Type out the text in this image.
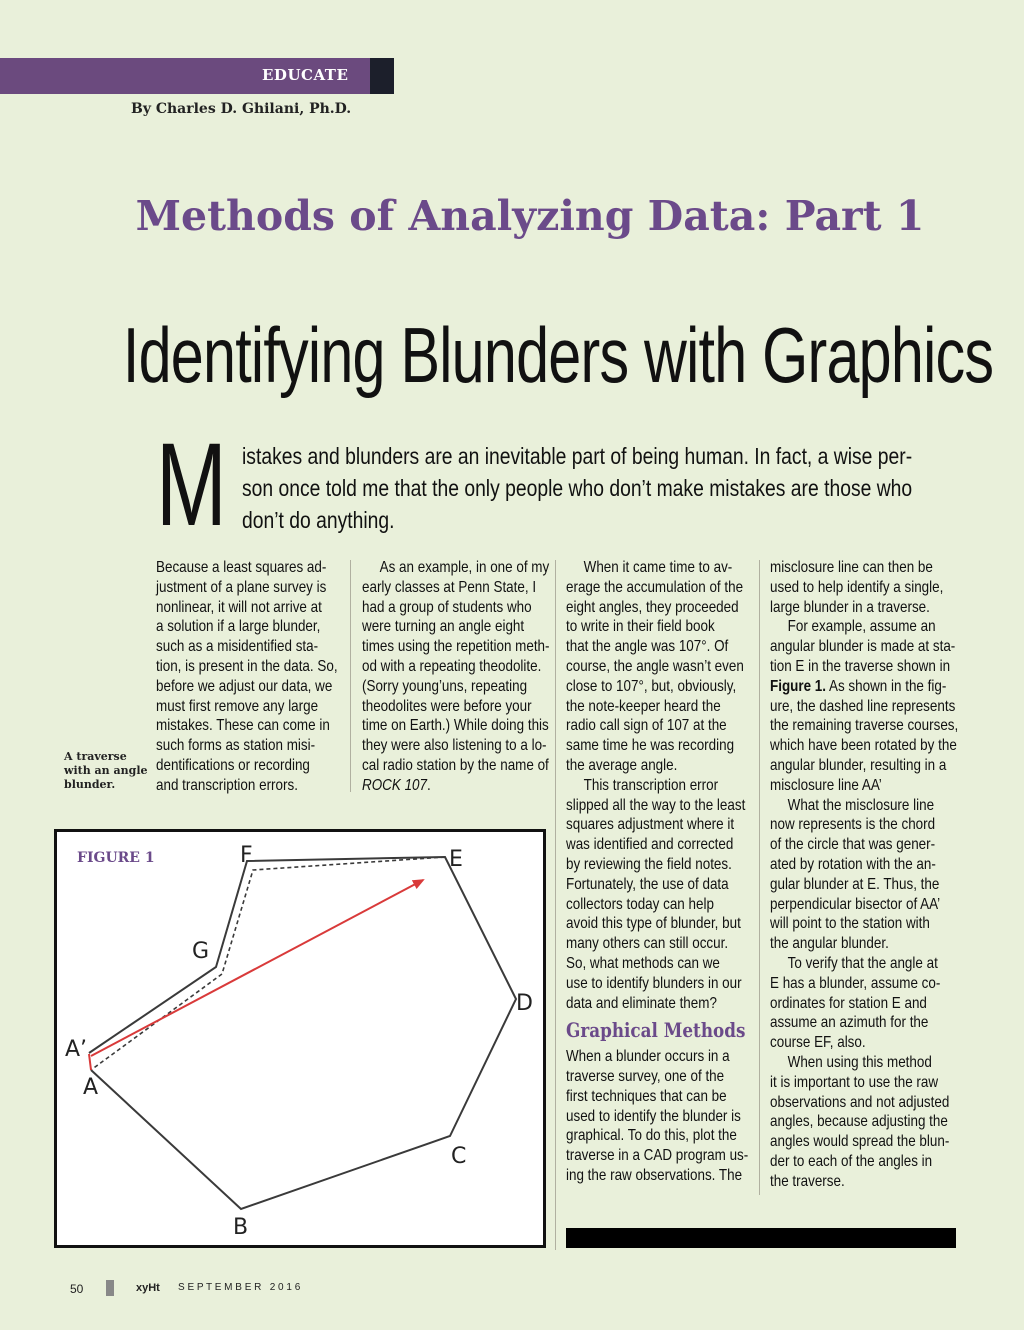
EDUCATE
By Charles D. Ghilani, Ph.D.
Methods of Analyzing Data: Part 1
Identifying Blunders with Graphics
M istakes and blunders are an inevitable part of being human. In fact, a wise per-
son once told me that the only people who don’t make mistakes are those who
don’t do anything.
Because a least squares ad-
justment of a plane survey is
nonlinear, it will not arrive at
a solution if a large blunder,
such as a misidentified sta-
tion, is present in the data. So,
before we adjust our data, we
must first remove any large
mistakes. These can come in
such forms as station misi-
dentifications or recording
and transcription errors.
As an example, in one of my
early classes at Penn State, I
had a group of students who
were turning an angle eight
times using the repetition meth-
od with a repeating theodolite.
(Sorry young’uns, repeating
theodolites were before your
time on Earth.) While doing this
they were also listening to a lo-
cal radio station by the name of
ROCK 107.
When it came time to av-
erage the accumulation of the
eight angles, they proceeded
to write in their field book
that the angle was 107°. Of
course, the angle wasn’t even
close to 107°, but, obviously,
the note-keeper heard the
radio call sign of 107 at the
same time he was recording
the average angle.
This transcription error
slipped all the way to the least
squares adjustment where it
was identified and corrected
by reviewing the field notes.
Fortunately, the use of data
collectors today can help
avoid this type of blunder, but
many others can still occur.
So, what methods can we
use to identify blunders in our
data and eliminate them?
Graphical Methods
When a blunder occurs in a
traverse survey, one of the
first techniques that can be
used to identify the blunder is
graphical. To do this, plot the
traverse in a CAD program us-
ing the raw observations. The
misclosure line can then be
used to help identify a single,
large blunder in a traverse.
For example, assume an
angular blunder is made at sta-
tion E in the traverse shown in
Figure 1. As shown in the fig-
ure, the dashed line represents
the remaining traverse courses,
which have been rotated by the
angular blunder, resulting in a
misclosure line AA’
What the misclosure line
now represents is the chord
of the circle that was gener-
ated by rotation with the an-
gular blunder at E. Thus, the
perpendicular bisector of AA’
will point to the station with
the angular blunder.
To verify that the angle at
E has a blunder, assume co-
ordinates for station E and
assume an azimuth for the
course EF, also.
When using this method
it is important to use the raw
observations and not adjusted
angles, because adjusting the
angles would spread the blun-
der to each of the angles in
the traverse.
A traverse
with an angle
blunder.
FIGURE 1	F	E
G
D
A’
A
C
B
50	xyHt S E P T E M B E R   2 0 1 6
